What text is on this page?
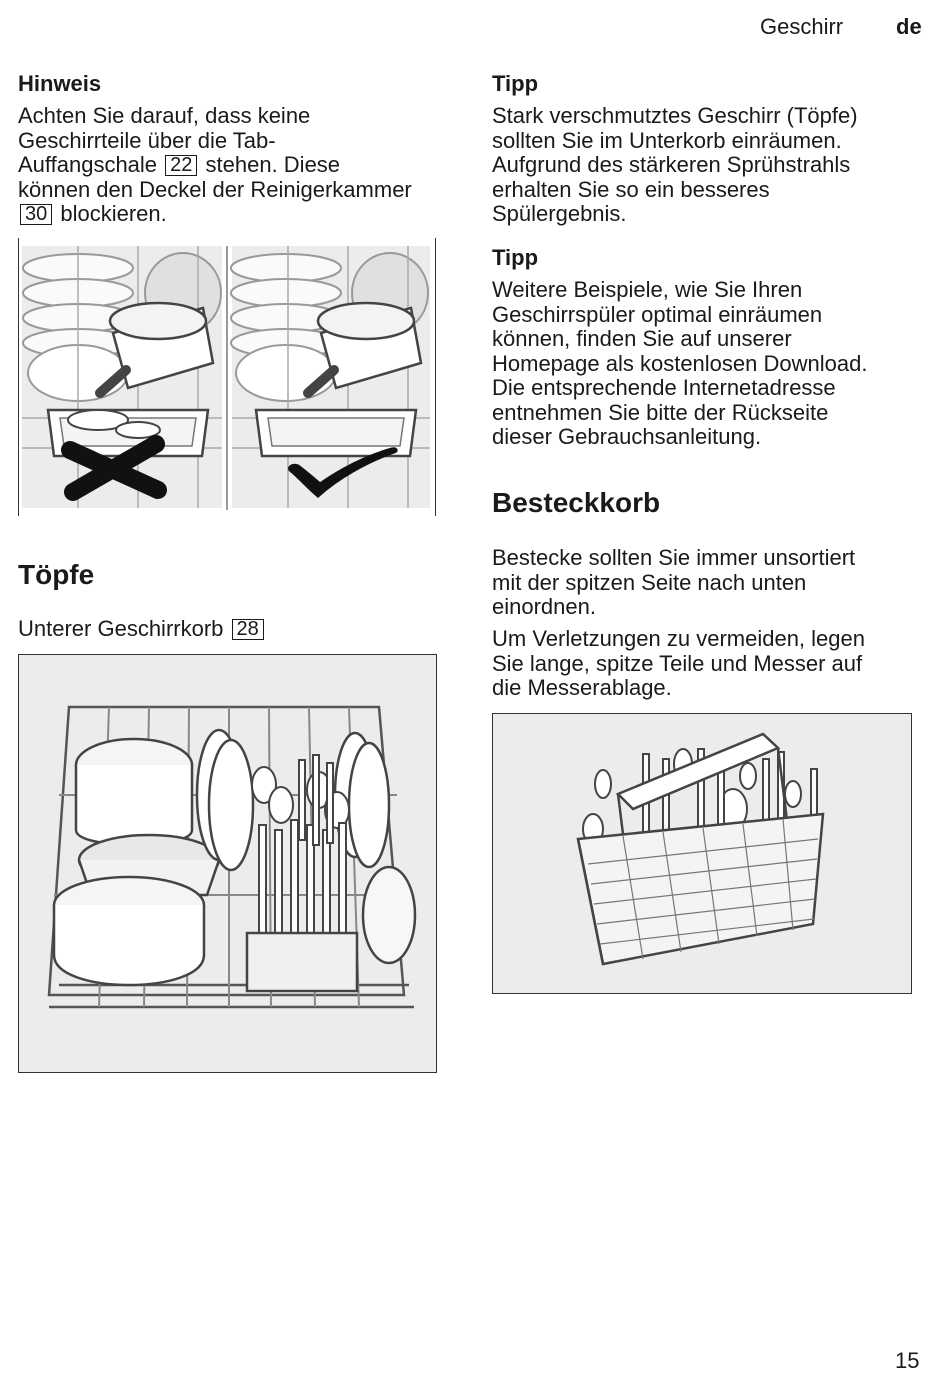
Geschirr de
Hinweis
Achten Sie darauf, dass keine
Geschirrteile über die Tab-
Auffangschale 22 stehen. Diese
können den Deckel der Reinigerkammer
30 blockieren.
Töpfe
Unterer Geschirrkorb 28
Tipp
Stark verschmutztes Geschirr (Töpfe)
sollten Sie im Unterkorb einräumen.
Aufgrund des stärkeren Sprühstrahls
erhalten Sie so ein besseres
Spülergebnis.
Tipp
Weitere Beispiele, wie Sie Ihren
Geschirrspüler optimal einräumen
können, finden Sie auf unserer
Homepage als kostenlosen Download.
Die entsprechende Internetadresse
entnehmen Sie bitte der Rückseite
dieser Gebrauchsanleitung.
Besteckkorb
Bestecke sollten Sie immer unsortiert
mit der spitzen Seite nach unten
einordnen.
Um Verletzungen zu vermeiden, legen
Sie lange, spitze Teile und Messer auf
die Messerablage.
15
